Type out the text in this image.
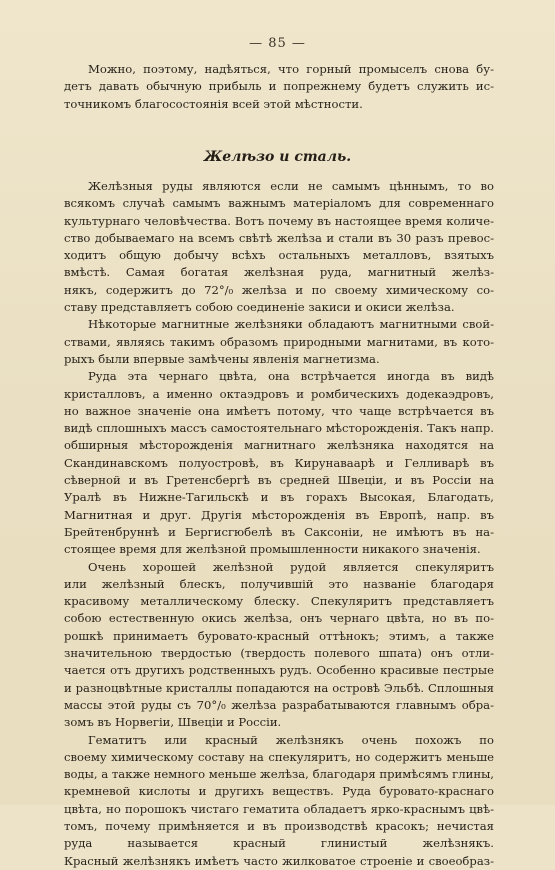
— 85 —
Можно, поэтому, надѣяться, что горный промыселъ снова бу-
детъ давать обычную прибыль и попрежнему будетъ служить ис-
точникомъ благосостоянія всей этой мѣстности.
Желѣзо и сталь.
Желѣзныя руды являются если не самымъ цѣннымъ, то во
всякомъ случаѣ самымъ важнымъ матеріаломъ для современнаго
культурнаго человѣчества. Вотъ почему въ настоящее время количе-
ство добываемаго на всемъ свѣтѣ желѣза и стали въ 30 разъ превос-
ходитъ общую добычу всѣхъ остальныхъ металловъ, взятыхъ
вмѣстѣ. Самая богатая желѣзная руда, магнитный желѣз-
някъ, содержитъ до 72°/₀ желѣза и по своему химическому со-
ставу представляетъ собою соединеніе закиси и окиси желѣза.
Нѣкоторые магнитные желѣзняки обладаютъ магнитными свой-
ствами, являясь такимъ образомъ природными магнитами, въ кото-
рыхъ были впервые замѣчены явленія магнетизма.
Руда эта чернаго цвѣта, она встрѣчается иногда въ видѣ
кристалловъ, а именно октаэдровъ и ромбическихъ додекаэдровъ,
но важное значеніе она имѣетъ потому, что чаще встрѣчается въ
видѣ сплошныхъ массъ самостоятельнаго мѣсторожденія. Такъ напр.
обширныя мѣсторожденія магнитнаго желѣзняка находятся на
Скандинавскомъ полуостровѣ, въ Кирунаваарѣ и Гелливарѣ въ
сѣверной и въ Гретенсбергѣ въ средней Швеціи, и въ Россіи на
Уралѣ въ Нижне-Тагильскѣ и въ горахъ Высокая, Благодать,
Магнитная и друг. Другія мѣсторожденія въ Европѣ, напр. въ
Брейтенбруннѣ и Бергисгюбелѣ въ Саксоніи, не имѣютъ въ на-
стоящее время для желѣзной промышленности никакого значенія.
Очень хорошей желѣзной рудой является спекуляритъ
или желѣзный блескъ, получившій это названіе благодаря
красивому металлическому блеску. Спекуляритъ представляетъ
собою естественную окись желѣза, онъ чернаго цвѣта, но въ по-
рошкѣ принимаетъ буровато-красный оттѣнокъ; этимъ, а также
значительною твердостью (твердость полевого шпата) онъ отли-
чается отъ другихъ родственныхъ рудъ. Особенно красивые пестрые
и разноцвѣтные кристаллы попадаются на островѣ Эльбѣ. Сплошныя
массы этой руды съ 70°/₀ желѣза разрабатываются главнымъ обра-
зомъ въ Норвегіи, Швеціи и Россіи.
Гематитъ или красный желѣзнякъ очень похожъ по
своему химическому составу на спекуляритъ, но содержитъ меньше
воды, а также немного меньше желѣза, благодаря примѣсямъ глины,
кремневой кислоты и другихъ веществъ. Руда буровато-краснаго
цвѣта, но порошокъ чистаго гематита обладаетъ ярко-краснымъ цвѣ-
томъ, почему примѣняется и въ производствѣ красокъ; нечистая
руда называется красный глинистый желѣзнякъ.
Красный желѣзнякъ имѣетъ часто жилковатое строеніе и своеобраз-
